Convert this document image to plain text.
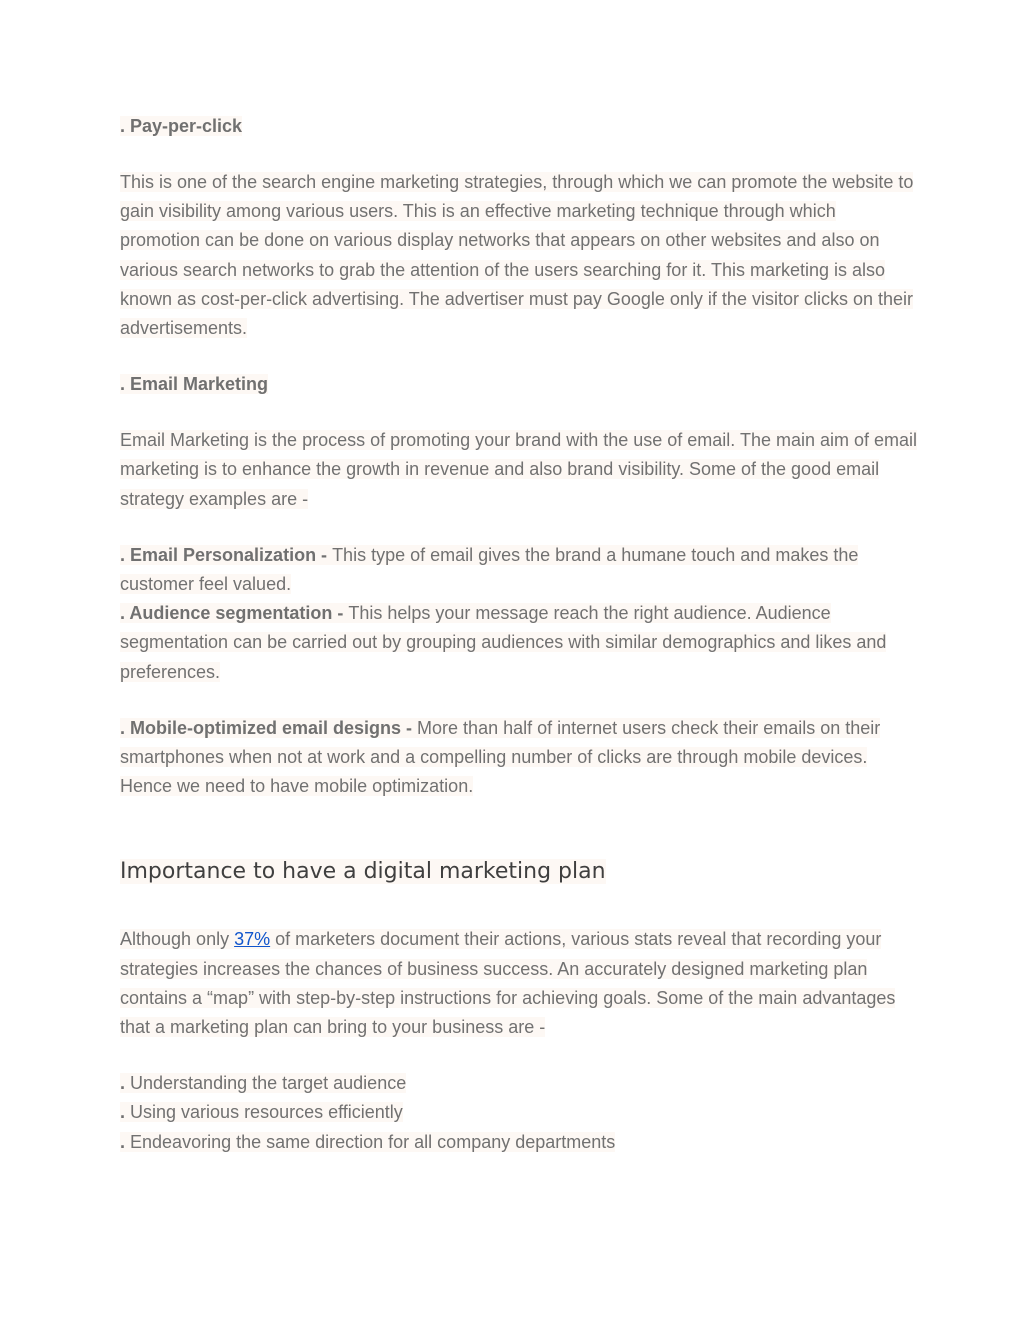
. Pay-per-click

This is one of the search engine marketing strategies, through which we can promote the website to gain visibility among various users. This is an effective marketing technique through which promotion can be done on various display networks that appears on other websites and also on various search networks to grab the attention of the users searching for it. This marketing is also known as cost-per-click advertising. The advertiser must pay Google only if the visitor clicks on their advertisements.

. Email Marketing

Email Marketing is the process of promoting your brand with the use of email. The main aim of email marketing is to enhance the growth in revenue and also brand visibility. Some of the good email strategy examples are -

. Email Personalization - This type of email gives the brand a humane touch and makes the customer feel valued.

. Audience segmentation - This helps your message reach the right audience. Audience segmentation can be carried out by grouping audiences with similar demographics and likes and preferences.

. Mobile-optimized email designs - More than half of internet users check their emails on their smartphones when not at work and a compelling number of clicks are through mobile devices. Hence we need to have mobile optimization.

Importance to have a digital marketing plan

Although only 37% of marketers document their actions, various stats reveal that recording your strategies increases the chances of business success. An accurately designed marketing plan contains a “map” with step-by-step instructions for achieving goals. Some of the main advantages that a marketing plan can bring to your business are -

. Understanding the target audience
. Using various resources efficiently
. Endeavoring the same direction for all company departments
